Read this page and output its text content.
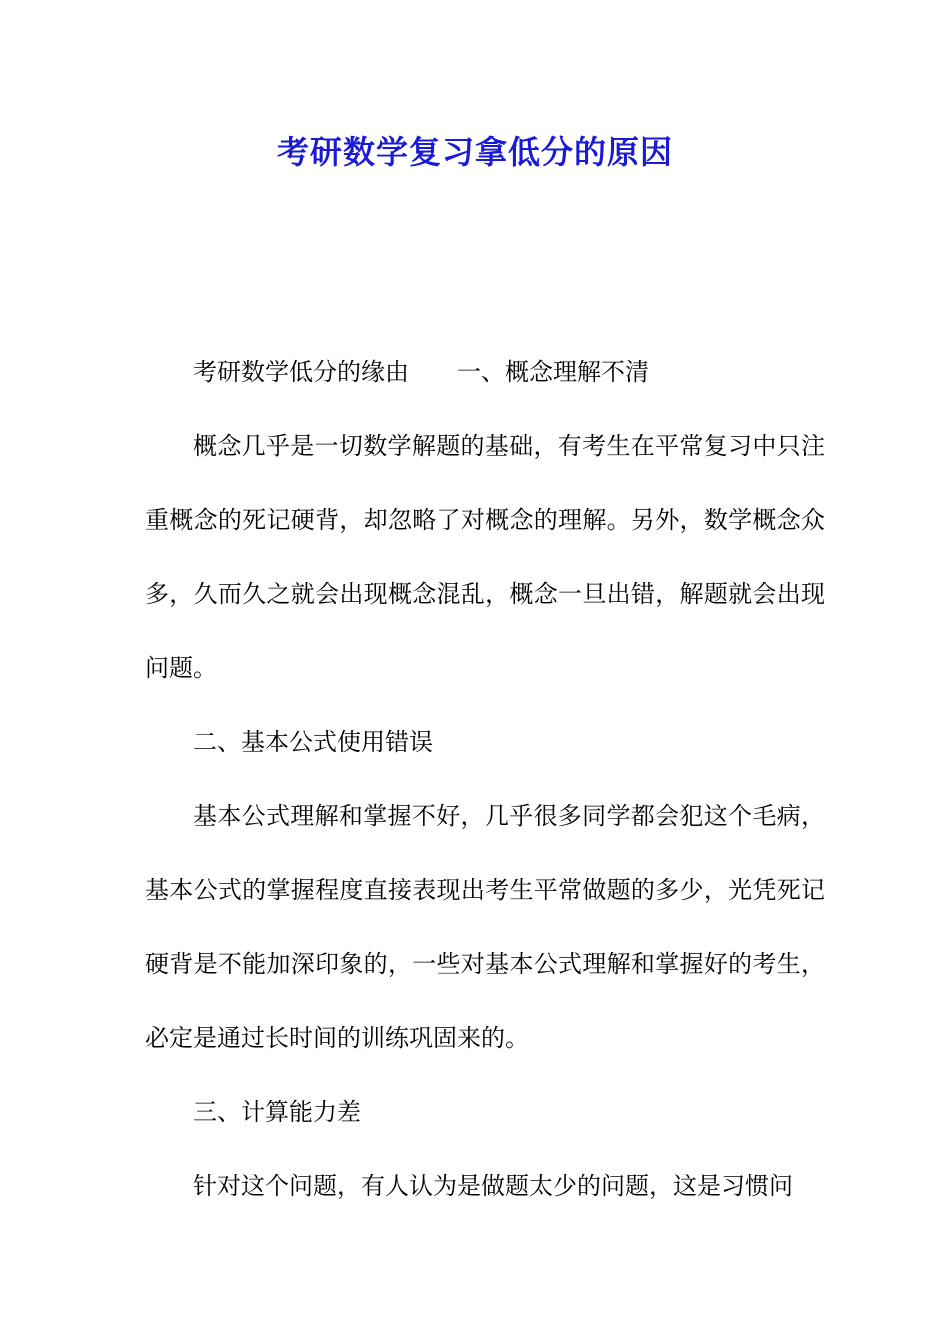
考研数学复习拿低分的原因

考研数学低分的缘由 一、概念理解不清

概念几乎是一切数学解题的基础，有考生在平常复习中只注重概念的死记硬背，却忽略了对概念的理解。另外，数学概念众多，久而久之就会出现概念混乱，概念一旦出错，解题就会出现问题。

二、基本公式使用错误

基本公式理解和掌握不好，几乎很多同学都会犯这个毛病，基本公式的掌握程度直接表现出考生平常做题的多少，光凭死记硬背是不能加深印象的，一些对基本公式理解和掌握好的考生，必定是通过长时间的训练巩固来的。

三、计算能力差

针对这个问题，有人认为是做题太少的问题，这是习惯问
